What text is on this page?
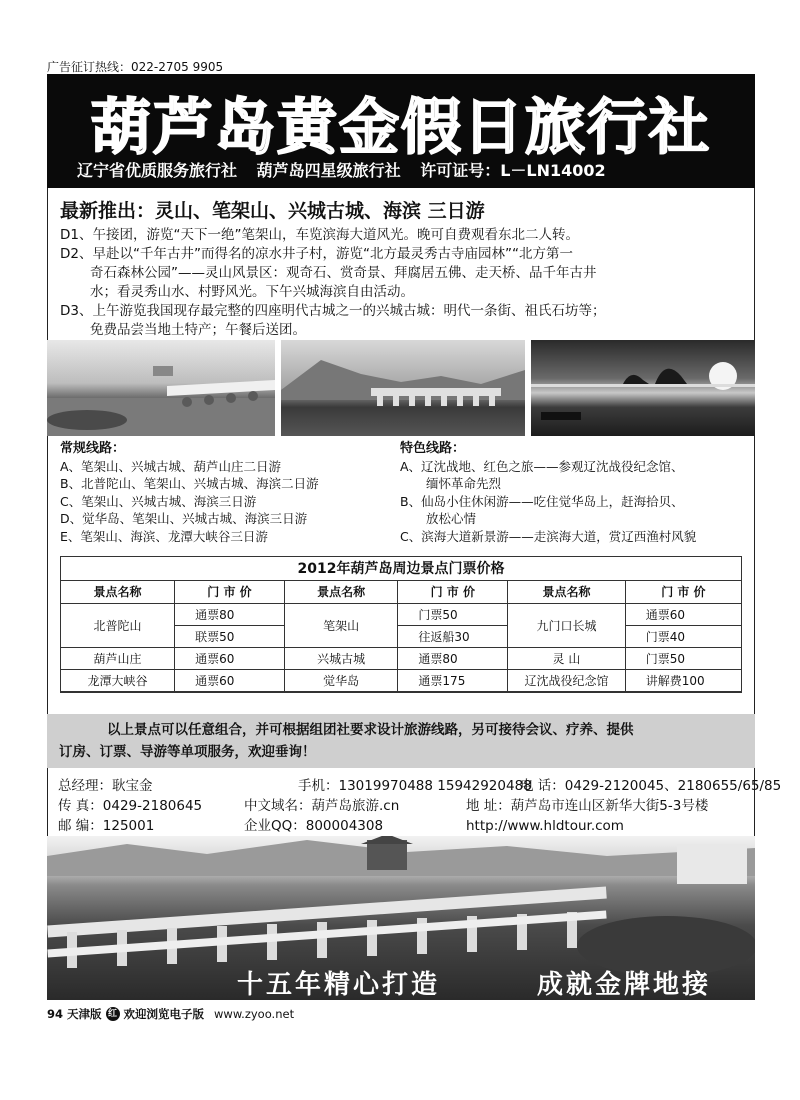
广告征订热线：022-2705 9905
葫芦岛黄金假日旅行社
辽宁省优质服务旅行社 葫芦岛四星级旅行社 许可证号：L－LN14002
最新推出：灵山、笔架山、兴城古城、海滨 三日游
D1、午接团，游览“天下一绝”笔架山，车览滨海大道风光。晚可自费观看东北二人转。
D2、早赴以“千年古井”而得名的凉水井子村，游览“北方最灵秀古寺庙园林”“北方第一
奇石森林公园”——灵山风景区：观奇石、赏奇景、拜腐居五佛、走天桥、品千年古井
水；看灵秀山水、村野风光。下午兴城海滨自由活动。
D3、上午游览我国现存最完整的四座明代古城之一的兴城古城：明代一条街、祖氏石坊等；
免费品尝当地土特产；午餐后送团。
常规线路：
A、笔架山、兴城古城、葫芦山庄二日游
B、北普陀山、笔架山、兴城古城、海滨二日游
C、笔架山、兴城古城、海滨三日游
D、觉华岛、笔架山、兴城古城、海滨三日游
E、笔架山、海滨、龙潭大峡谷三日游
特色线路：
A、辽沈战地、红色之旅——参观辽沈战役纪念馆、
缅怀革命先烈
B、仙岛小住休闲游——吃住觉华岛上，赶海拾贝、
放松心情
C、滨海大道新景游——走滨海大道，赏辽西渔村风貌
2012年葫芦岛周边景点门票价格
景点名称	门 市 价	景点名称	门 市 价	景点名称	门 市 价
北普陀山	通票80	笔架山	门票50	九门口长城	通票60
	联票50		往返船30		门票40
葫芦山庄	通票60	兴城古城	通票80	灵 山	门票50
龙潭大峡谷	通票60	觉华岛	通票175	辽沈战役纪念馆	讲解费100
以上景点可以任意组合，并可根据组团社要求设计旅游线路，另可接待会议、疗养、提供
订房、订票、导游等单项服务，欢迎垂询！
总经理：耿宝金	手机：13019970488 15942920488电 话：0429-2120045、2180655/65/85
传 真：0429-2180645	中文域名：葫芦岛旅游.cn	地 址：葫芦岛市连山区新华大街5-3号楼
邮 编：125001	企业QQ：800004308	http://www.hldtour.com
十五年精心打造	成就金牌地接
94 天津版 红 欢迎浏览电子版 www.zyoo.net
